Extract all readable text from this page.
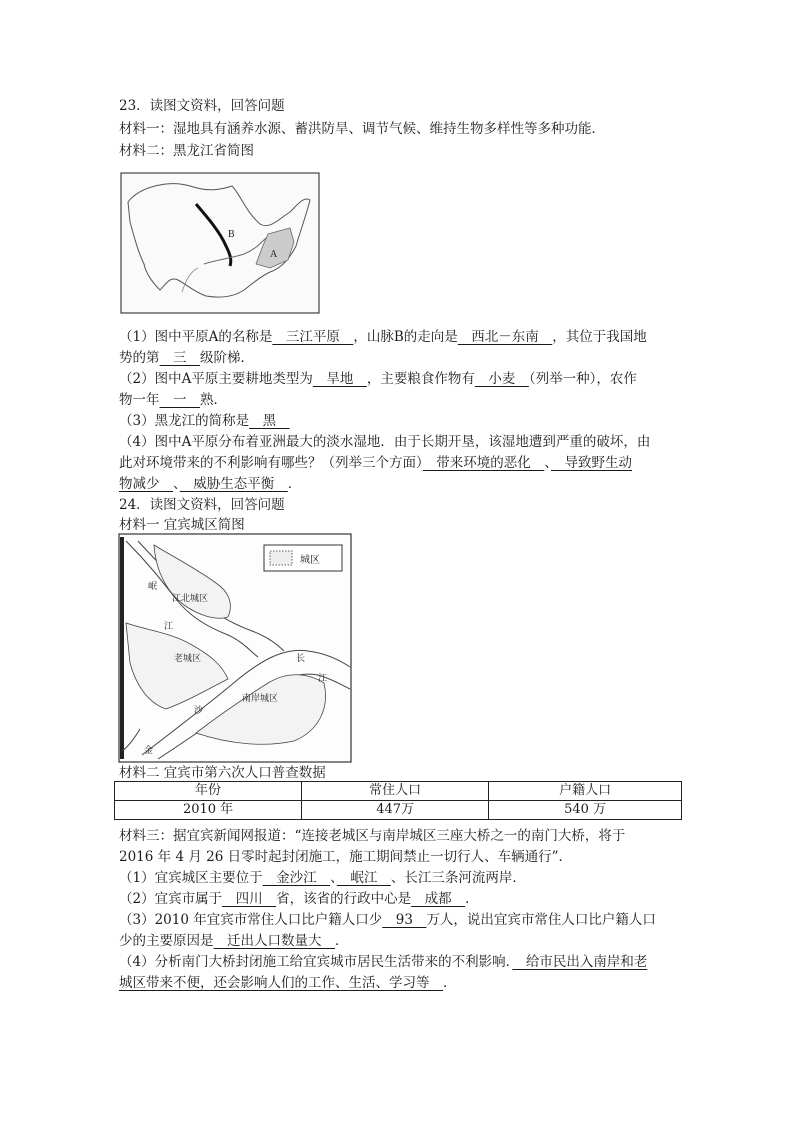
23．读图文资料，回答问题
材料一：湿地具有涵养水源、蓄洪防旱、调节气候、维持生物多样性等多种功能．
材料二：黑龙江省简图
B
A
（1）图中平原A的名称是　三江平原　，山脉B的走向是　西北－东南　，其位于我国地
势的第　三　级阶梯．
（2）图中A平原主要耕地类型为　旱地　，主要粮食作物有　小麦　（列举一种），农作
物一年　一　熟．
（3）黑龙江的简称是　黑　
（4）图中A平原分布着亚洲最大的淡水湿地．由于长期开垦，该湿地遭到严重的破坏，由
此对环境带来的不利影响有哪些？（列举三个方面）　带来环境的恶化　、　导致野生动
物减少　、　威胁生态平衡　．
24．读图文资料，回答问题
材料一 宜宾城区简图
城区
江北城区
老城区
南岸城区
岷
江
长
江
沙
金
材料二 宜宾市第六次人口普查数据
年份	常住人口	户籍人口
2010 年	447万	540 万
材料三：据宜宾新闻网报道：“连接老城区与南岸城区三座大桥之一的南门大桥，将于
2016 年 4 月 26 日零时起封闭施工，施工期间禁止一切行人、车辆通行”．
（1）宜宾城区主要位于　金沙江　、　岷江　、长江三条河流两岸．
（2）宜宾市属于　四川　省，该省的行政中心是　成都　．
（3）2010 年宜宾市常住人口比户籍人口少　93　万人，说出宜宾市常住人口比户籍人口
少的主要原因是　迁出人口数量大　．
（4）分析南门大桥封闭施工给宜宾城市居民生活带来的不利影响．　给市民出入南岸和老
城区带来不便，还会影响人们的工作、生活、学习等　．
